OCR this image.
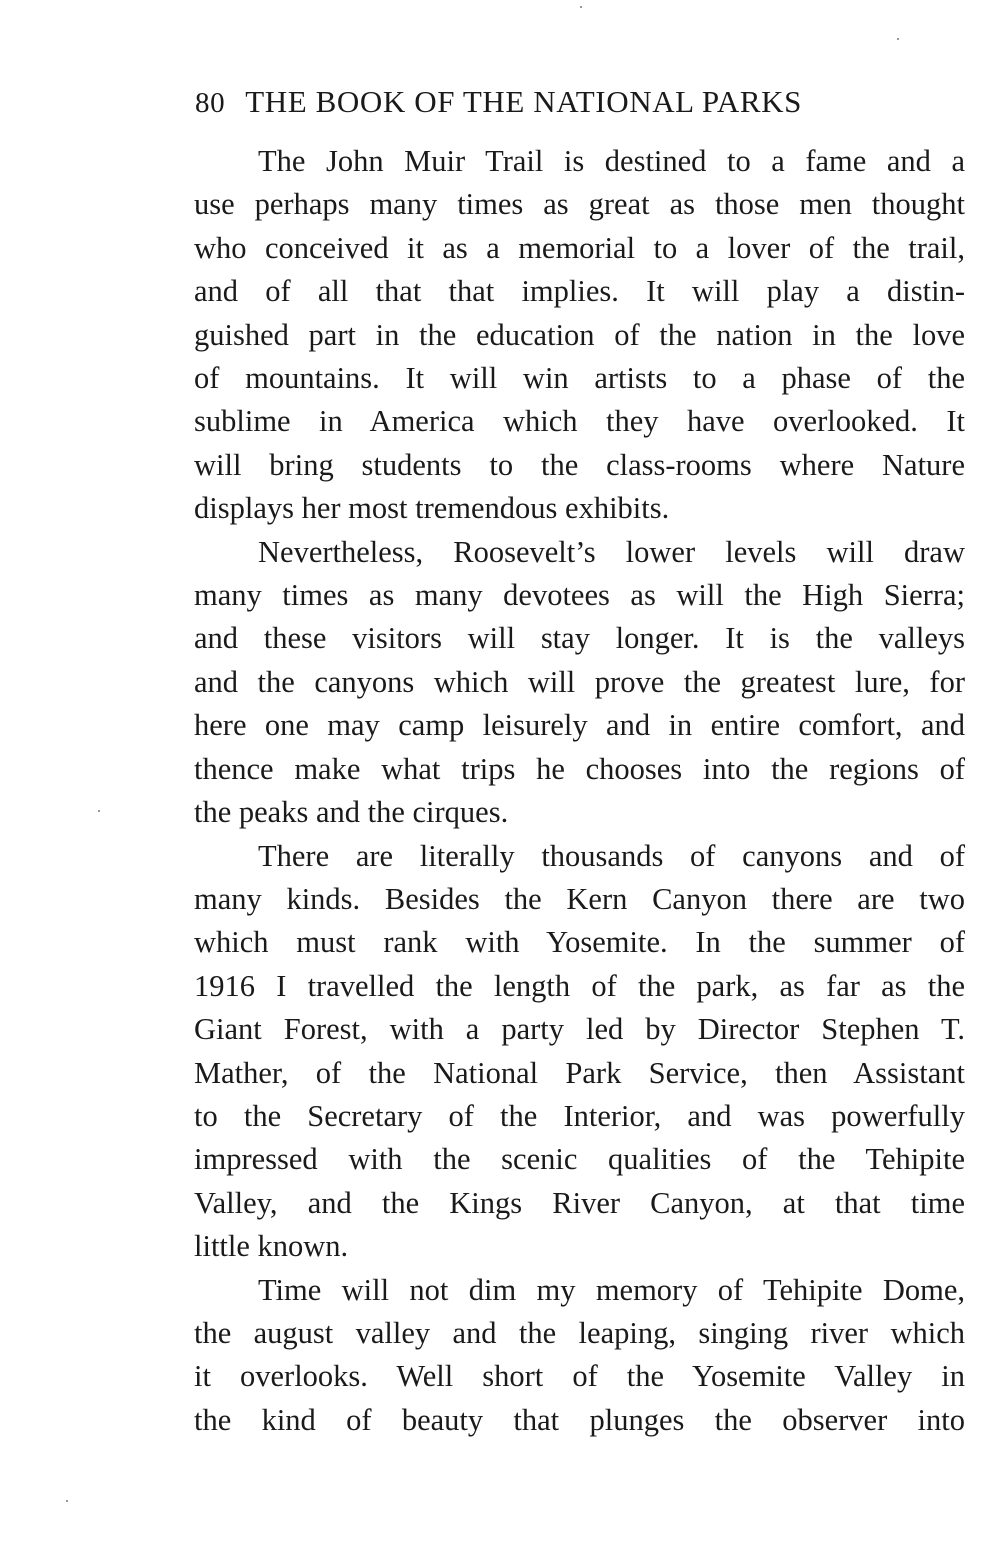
80 THE BOOK OF THE NATIONAL PARKS

The John Muir Trail is destined to a fame and a
use perhaps many times as great as those men thought
who conceived it as a memorial to a lover of the trail,
and of all that that implies. It will play a distin-
guished part in the education of the nation in the love
of mountains. It will win artists to a phase of the
sublime in America which they have overlooked. It
will bring students to the class-rooms where Nature
displays her most tremendous exhibits.

Nevertheless, Roosevelt’s lower levels will draw
many times as many devotees as will the High Sierra;
and these visitors will stay longer. It is the valleys
and the canyons which will prove the greatest lure, for
here one may camp leisurely and in entire comfort, and
thence make what trips he chooses into the regions of
the peaks and the cirques.

There are literally thousands of canyons and of
many kinds. Besides the Kern Canyon there are two
which must rank with Yosemite. In the summer of
1916 I travelled the length of the park, as far as the
Giant Forest, with a party led by Director Stephen T.
Mather, of the National Park Service, then Assistant
to the Secretary of the Interior, and was powerfully
impressed with the scenic qualities of the Tehipite
Valley, and the Kings River Canyon, at that time
little known.

Time will not dim my memory of Tehipite Dome,
the august valley and the leaping, singing river which
it overlooks. Well short of the Yosemite Valley in
the kind of beauty that plunges the observer into
